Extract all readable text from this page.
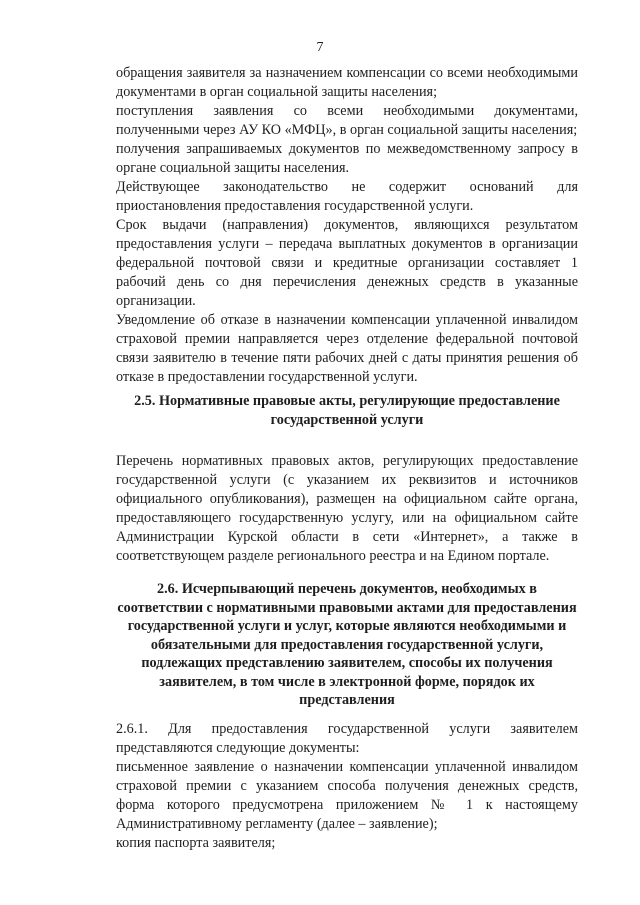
7

обращения заявителя за назначением компенсации со всеми необходимыми документами в орган социальной защиты населения;

поступления заявления со всеми необходимыми документами, полученными через АУ КО «МФЦ», в орган социальной защиты населения;

получения запрашиваемых документов по межведомственному запросу в органе социальной защиты населения.

Действующее законодательство не содержит оснований для приостановления предоставления государственной услуги.

Срок выдачи (направления) документов, являющихся результатом предоставления услуги – передача выплатных документов в организации федеральной почтовой связи и кредитные организации составляет 1 рабочий день со дня перечисления денежных средств в указанные организации.

Уведомление об отказе в назначении компенсации уплаченной инвалидом страховой премии направляется через отделение федеральной почтовой связи заявителю в течение пяти рабочих дней с даты принятия решения об отказе в предоставлении государственной услуги.

2.5. Нормативные правовые акты, регулирующие предоставление государственной услуги

Перечень нормативных правовых актов, регулирующих предоставление государственной услуги (с указанием их реквизитов и источников официального опубликования), размещен на официальном сайте органа, предоставляющего государственную услугу, или на официальном сайте Администрации Курской области в сети «Интернет», а также в соответствующем разделе регионального реестра и на Едином портале.

2.6. Исчерпывающий перечень документов, необходимых в соответствии с нормативными правовыми актами для предоставления государственной услуги и услуг, которые являются необходимыми и обязательными для предоставления государственной услуги, подлежащих представлению заявителем, способы их получения заявителем, в том числе в электронной форме, порядок их представления

2.6.1. Для предоставления государственной услуги заявителем представляются следующие документы:

письменное заявление о назначении компенсации уплаченной инвалидом страховой премии с указанием способа получения денежных средств, форма которого предусмотрена приложением № 1 к настоящему Административному регламенту (далее – заявление);

копия паспорта заявителя;
